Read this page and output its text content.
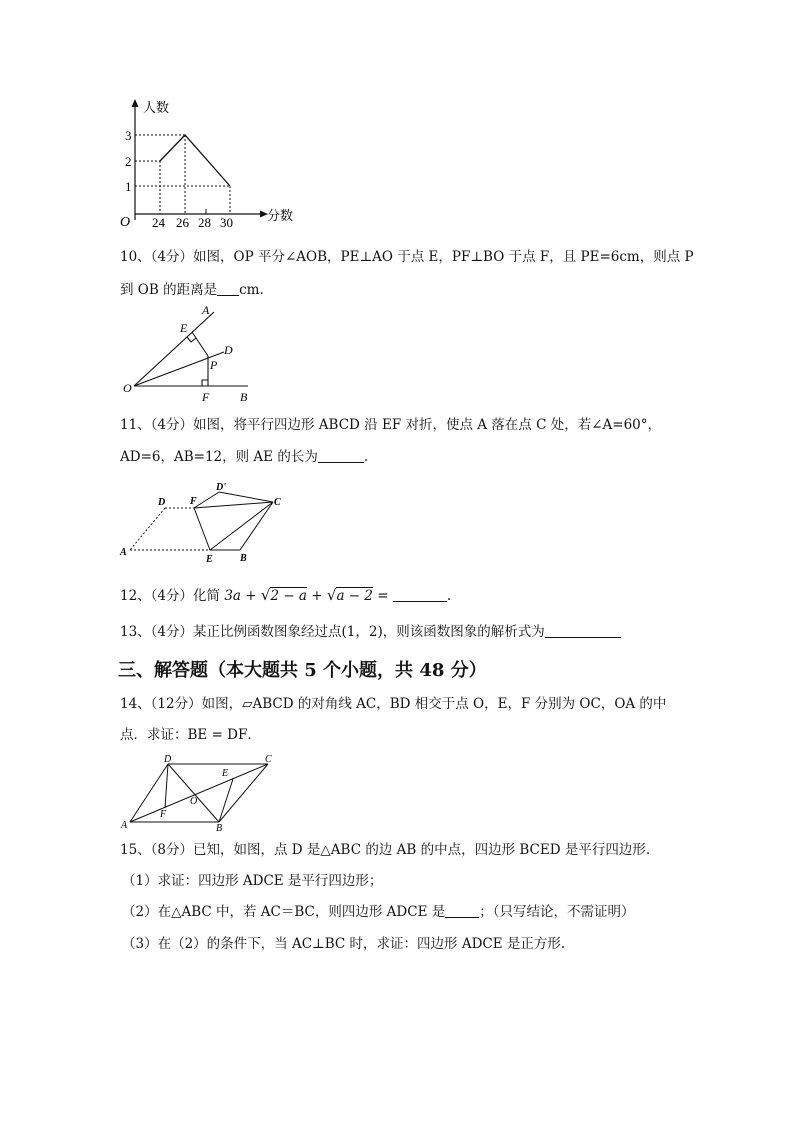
人数
分数
O
3
2
1
24 26 28 30
10、（4分）如图，OP 平分∠AOB，PE⊥AO 于点 E，PF⊥BO 于点 F，且 PE=6cm，则点 P
到 OB 的距离是 cm.
A
E
D
P
O
F	B
11、（4分）如图，将平行四边形 ABCD 沿 EF 对折，使点 A 落在点 C 处，若∠A=60°，
AD=6，AB=12，则 AE 的长为	.
D F
D'
C
A
E	B
12、（4分）化简 3a + √2 − a + √a − 2 =	.
13、（4分）某正比例函数图象经过点(1，2)，则该函数图象的解析式为
三、解答题（本大题共 5 个小题，共 48 分）
14、（12分）如图，▱ABCD 的对角线 AC，BD 相交于点 O，E，F 分别为 OC，OA 的中
点．求证：BE = DF．
D
E
C
O
F
A	B
15、（8分）已知，如图，点 D 是△ABC 的边 AB 的中点，四边形 BCED 是平行四边形.
（1）求证：四边形 ADCE 是平行四边形；
（2）在△ABC 中，若 AC＝BC，则四边形 ADCE 是	；（只写结论，不需证明）
（3）在（2）的条件下，当 AC⊥BC 时，求证：四边形 ADCE 是正方形.
